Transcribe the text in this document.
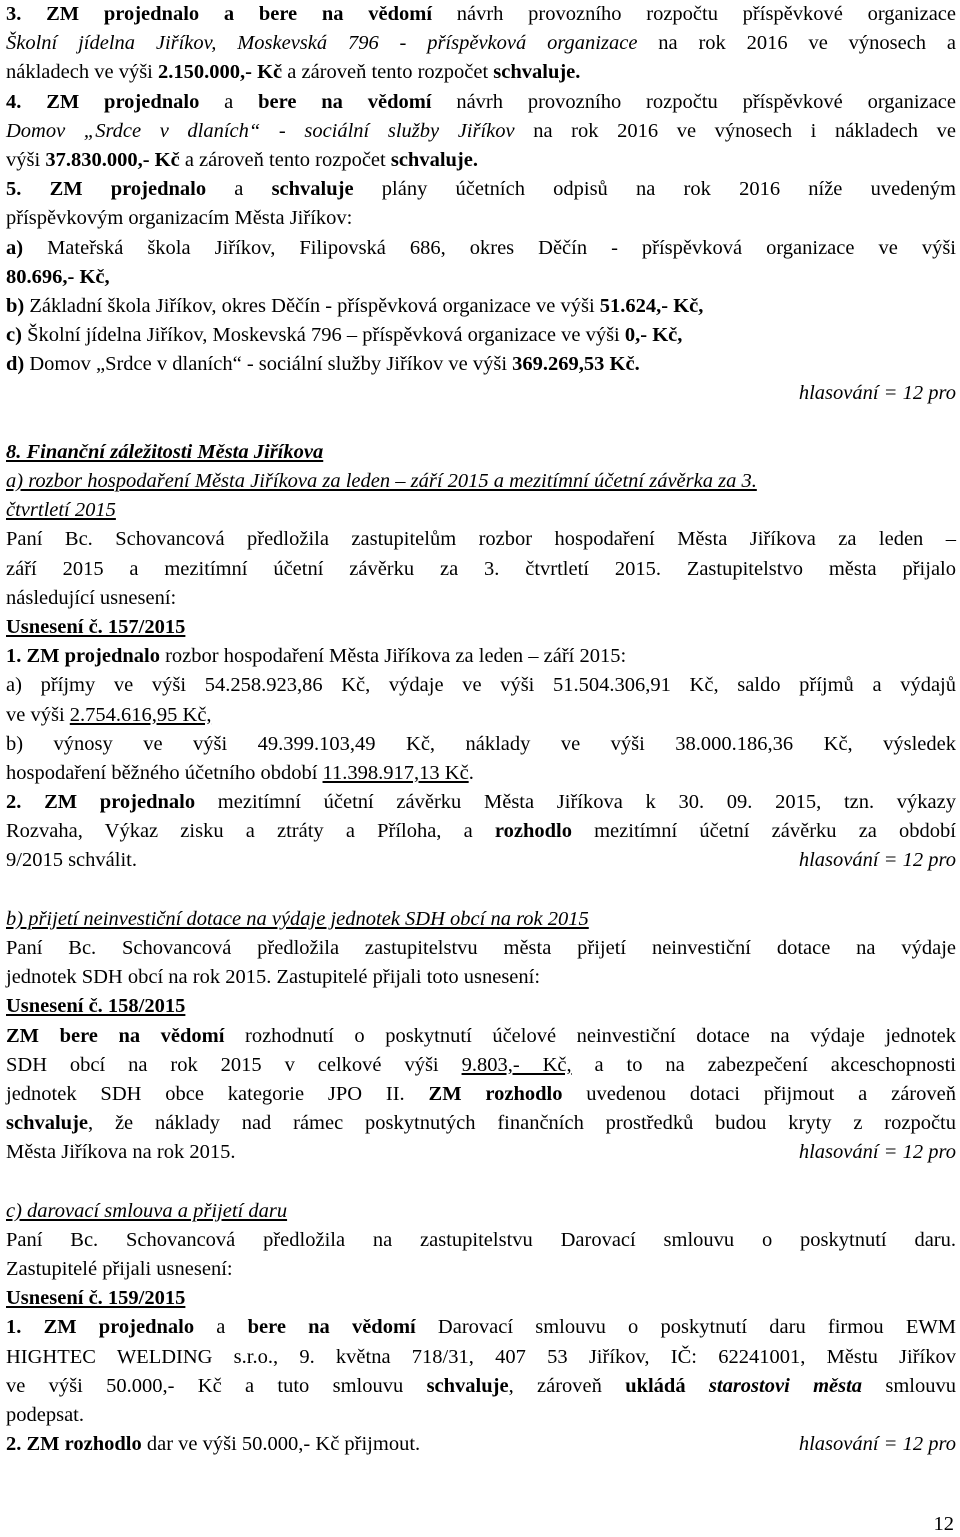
3. ZM projednalo a bere na vědomí návrh provozního rozpočtu příspěvkové organizace
Školní jídelna Jiříkov, Moskevská 796 - příspěvková organizace na rok 2016 ve výnosech a
nákladech ve výši 2.150.000,- Kč a zároveň tento rozpočet schvaluje.
4. ZM projednalo a bere na vědomí návrh provozního rozpočtu příspěvkové organizace
Domov „Srdce v dlaních“ - sociální služby Jiříkov na rok 2016 ve výnosech i nákladech ve
výši 37.830.000,- Kč a zároveň tento rozpočet schvaluje.
5. ZM projednalo a schvaluje plány účetních odpisů na rok 2016 níže uvedeným
příspěvkovým organizacím Města Jiříkov:
a) Mateřská škola Jiříkov, Filipovská 686, okres Děčín - příspěvková organizace ve výši
80.696,- Kč,
b) Základní škola Jiříkov, okres Děčín - příspěvková organizace ve výši 51.624,- Kč,
c) Školní jídelna Jiříkov, Moskevská 796 – příspěvková organizace ve výši 0,- Kč,
d) Domov „Srdce v dlaních“ - sociální služby Jiříkov ve výši 369.269,53 Kč.
hlasování = 12 pro
8. Finanční záležitosti Města Jiříkova
a) rozbor hospodaření Města Jiříkova za leden – září 2015 a mezitímní účetní závěrka za 3.
čtvrtletí 2015
Paní Bc. Schovancová předložila zastupitelům rozbor hospodaření Města Jiříkova za leden –
září 2015 a mezitímní účetní závěrku za 3. čtvrtletí 2015. Zastupitelstvo města přijalo
následující usnesení:
Usnesení č. 157/2015
1. ZM projednalo rozbor hospodaření Města Jiříkova za leden – září 2015:
a) příjmy ve výši 54.258.923,86 Kč, výdaje ve výši 51.504.306,91 Kč, saldo příjmů a výdajů
ve výši 2.754.616,95 Kč,
b) výnosy ve výši 49.399.103,49 Kč, náklady ve výši 38.000.186,36 Kč, výsledek
hospodaření běžného účetního období 11.398.917,13 Kč.
2. ZM projednalo mezitímní účetní závěrku Města Jiříkova k 30. 09. 2015, tzn. výkazy
Rozvaha, Výkaz zisku a ztráty a Příloha, a rozhodlo mezitímní účetní závěrku za období
9/2015 schválit.	hlasování = 12 pro
b) přijetí neinvestiční dotace na výdaje jednotek SDH obcí na rok 2015
Paní Bc. Schovancová předložila zastupitelstvu města přijetí neinvestiční dotace na výdaje
jednotek SDH obcí na rok 2015. Zastupitelé přijali toto usnesení:
Usnesení č. 158/2015
ZM bere na vědomí rozhodnutí o poskytnutí účelové neinvestiční dotace na výdaje jednotek
SDH obcí na rok 2015 v celkové výši 9.803,- Kč, a to na zabezpečení akceschopnosti
jednotek SDH obce kategorie JPO II. ZM rozhodlo uvedenou dotaci přijmout a zároveň
schvaluje, že náklady nad rámec poskytnutých finančních prostředků budou kryty z rozpočtu
Města Jiříkova na rok 2015.	hlasování = 12 pro
c) darovací smlouva a přijetí daru
Paní Bc. Schovancová předložila na zastupitelstvu Darovací smlouvu o poskytnutí daru.
Zastupitelé přijali usnesení:
Usnesení č. 159/2015
1. ZM projednalo a bere na vědomí Darovací smlouvu o poskytnutí daru firmou EWM
HIGHTEC WELDING s.r.o., 9. května 718/31, 407 53 Jiříkov, IČ: 62241001, Městu Jiříkov
ve výši 50.000,- Kč a tuto smlouvu schvaluje, zároveň ukládá starostovi města smlouvu
podepsat.
2. ZM rozhodlo dar ve výši 50.000,- Kč přijmout.	hlasování = 12 pro
12
